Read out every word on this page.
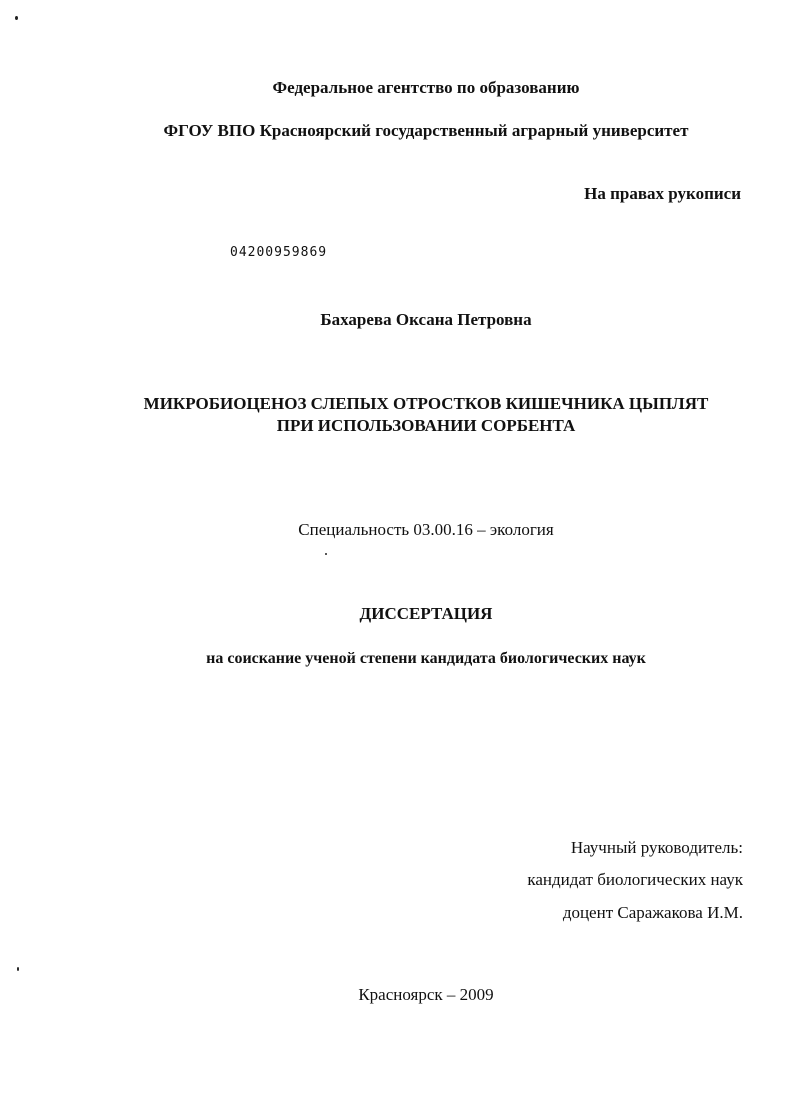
Федеральное агентство по образованию
ФГОУ ВПО Красноярский государственный аграрный университет
На правах рукописи
04200959869
Бахарева Оксана Петровна
МИКРОБИОЦЕНОЗ СЛЕПЫХ ОТРОСТКОВ КИШЕЧНИКА ЦЫПЛЯТ
ПРИ ИСПОЛЬЗОВАНИИ СОРБЕНТА
Специальность 03.00.16 – экология
ДИССЕРТАЦИЯ
на соискание ученой степени кандидата биологических наук
Научный руководитель:
кандидат биологических наук
доцент Саражакова И.М.
Красноярск – 2009
